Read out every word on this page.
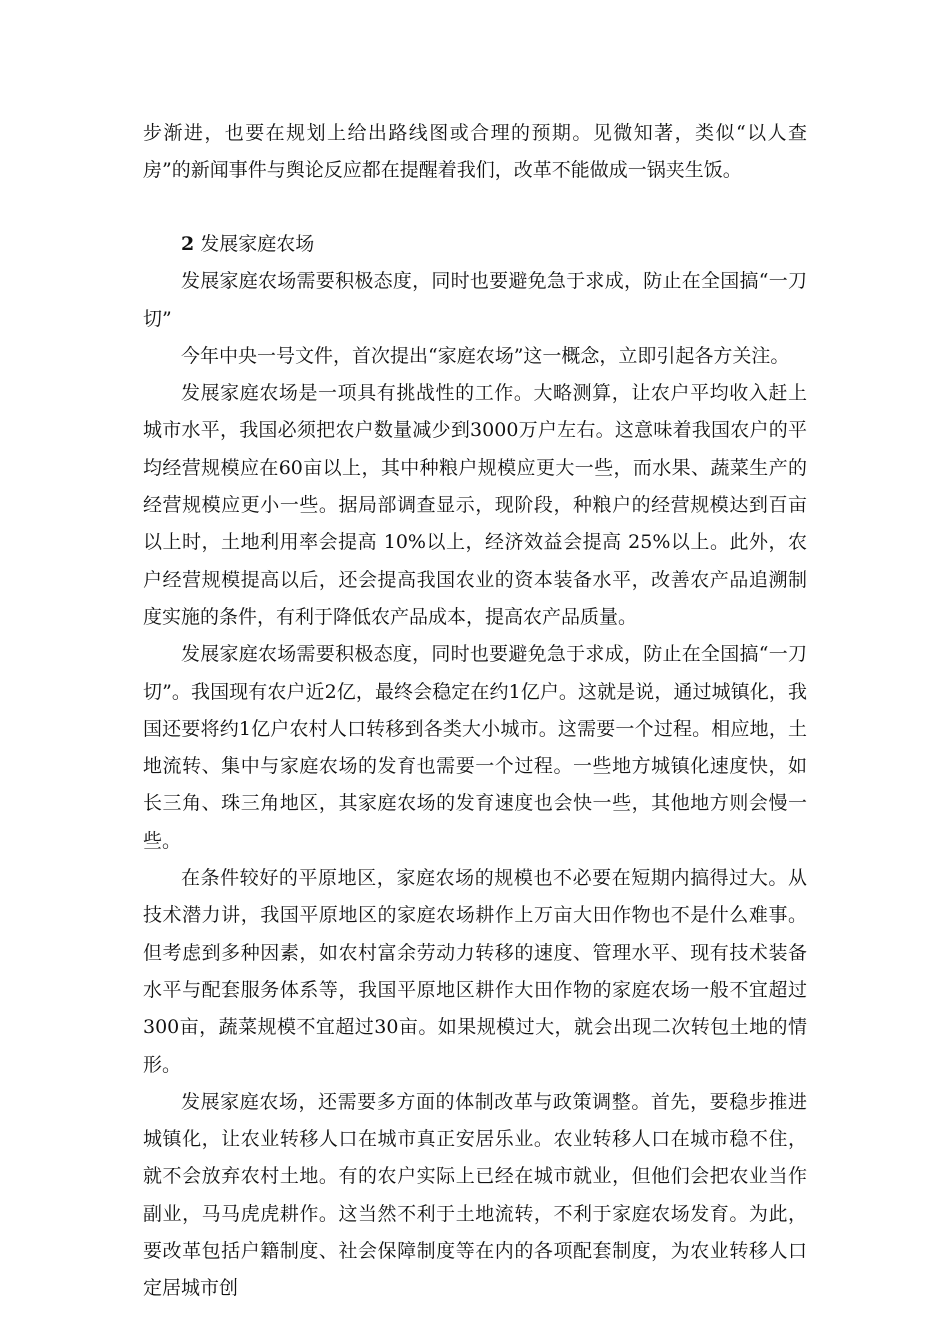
步渐进，也要在规划上给出路线图或合理的预期。见微知著，类似“以人查房”的新闻事件与舆论反应都在提醒着我们，改革不能做成一锅夹生饭。

2 发展家庭农场

发展家庭农场需要积极态度，同时也要避免急于求成，防止在全国搞“一刀切”

今年中央一号文件，首次提出“家庭农场”这一概念，立即引起各方关注。

发展家庭农场是一项具有挑战性的工作。大略测算，让农户平均收入赶上城市水平，我国必须把农户数量减少到3000万户左右。这意味着我国农户的平均经营规模应在60亩以上，其中种粮户规模应更大一些，而水果、蔬菜生产的经营规模应更小一些。据局部调查显示，现阶段，种粮户的经营规模达到百亩以上时，土地利用率会提高 10%以上，经济效益会提高 25%以上。此外，农户经营规模提高以后，还会提高我国农业的资本装备水平，改善农产品追溯制度实施的条件，有利于降低农产品成本，提高农产品质量。

发展家庭农场需要积极态度，同时也要避免急于求成，防止在全国搞“一刀切”。我国现有农户近2亿，最终会稳定在约1亿户。这就是说，通过城镇化，我国还要将约1亿户农村人口转移到各类大小城市。这需要一个过程。相应地，土地流转、集中与家庭农场的发育也需要一个过程。一些地方城镇化速度快，如长三角、珠三角地区，其家庭农场的发育速度也会快一些，其他地方则会慢一些。

在条件较好的平原地区，家庭农场的规模也不必要在短期内搞得过大。从技术潜力讲，我国平原地区的家庭农场耕作上万亩大田作物也不是什么难事。但考虑到多种因素，如农村富余劳动力转移的速度、管理水平、现有技术装备水平与配套服务体系等，我国平原地区耕作大田作物的家庭农场一般不宜超过300亩，蔬菜规模不宜超过30亩。如果规模过大，就会出现二次转包土地的情形。

发展家庭农场，还需要多方面的体制改革与政策调整。首先，要稳步推进城镇化，让农业转移人口在城市真正安居乐业。农业转移人口在城市稳不住，就不会放弃农村土地。有的农户实际上已经在城市就业，但他们会把农业当作副业，马马虎虎耕作。这当然不利于土地流转，不利于家庭农场发育。为此，要改革包括户籍制度、社会保障制度等在内的各项配套制度，为农业转移人口定居城市创
